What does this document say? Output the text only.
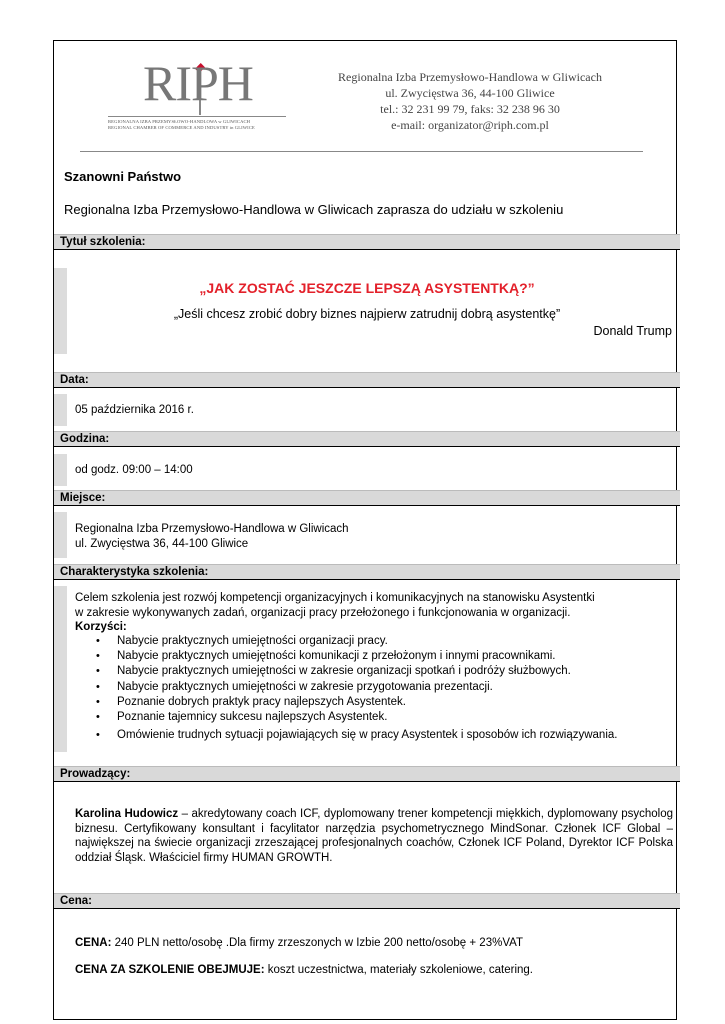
RIPH
REGIONALNA IZBA PRZEMYSŁOWO-HANDLOWA w GLIWICACH
REGIONAL CHAMBER OF COMMERCE AND INDUSTRY in GLIWICE
Regionalna Izba Przemysłowo-Handlowa w Gliwicach
ul. Zwycięstwa 36, 44-100 Gliwice
tel.: 32 231 99 79, faks: 32 238 96 30
e-mail: organizator@riph.com.pl
Szanowni Państwo
Regionalna Izba Przemysłowo-Handlowa w Gliwicach zaprasza do udziału w szkoleniu
Tytuł szkolenia:
„JAK ZOSTAĆ JESZCZE LEPSZĄ ASYSTENTKĄ?”
„Jeśli chcesz zrobić dobry biznes najpierw zatrudnij dobrą asystentkę”
Donald Trump
Data:
05 października 2016 r.
Godzina:
od godz. 09:00 – 14:00
Miejsce:
Regionalna Izba Przemysłowo-Handlowa w Gliwicach
ul. Zwycięstwa 36, 44-100 Gliwice
Charakterystyka szkolenia:
Celem szkolenia jest rozwój kompetencji organizacyjnych i komunikacyjnych na stanowisku Asystentki
w zakresie wykonywanych zadań, organizacji pracy przełożonego i funkcjonowania w organizacji.
Korzyści:
• Nabycie praktycznych umiejętności organizacji pracy.
• Nabycie praktycznych umiejętności komunikacji z przełożonym i innymi pracownikami.
• Nabycie praktycznych umiejętności w zakresie organizacji spotkań i podróży służbowych.
• Nabycie praktycznych umiejętności w zakresie przygotowania prezentacji.
• Poznanie dobrych praktyk pracy najlepszych Asystentek.
• Poznanie tajemnicy sukcesu najlepszych Asystentek.
• Omówienie trudnych sytuacji pojawiających się w pracy Asystentek i sposobów ich rozwiązywania.
Prowadzący:
Karolina Hudowicz – akredytowany coach ICF, dyplomowany trener kompetencji miękkich, dyplomowany psycholog biznesu. Certyfikowany konsultant i facylitator narzędzia psychometrycznego MindSonar. Członek ICF Global – największej na świecie organizacji zrzeszającej profesjonalnych coachów, Członek ICF Poland, Dyrektor ICF Polska oddział Śląsk. Właściciel firmy HUMAN GROWTH.
Cena:
CENA: 240 PLN netto/osobę .Dla firmy zrzeszonych w Izbie 200 netto/osobę + 23%VAT
CENA ZA SZKOLENIE OBEJMUJE: koszt uczestnictwa, materiały szkoleniowe, catering.
